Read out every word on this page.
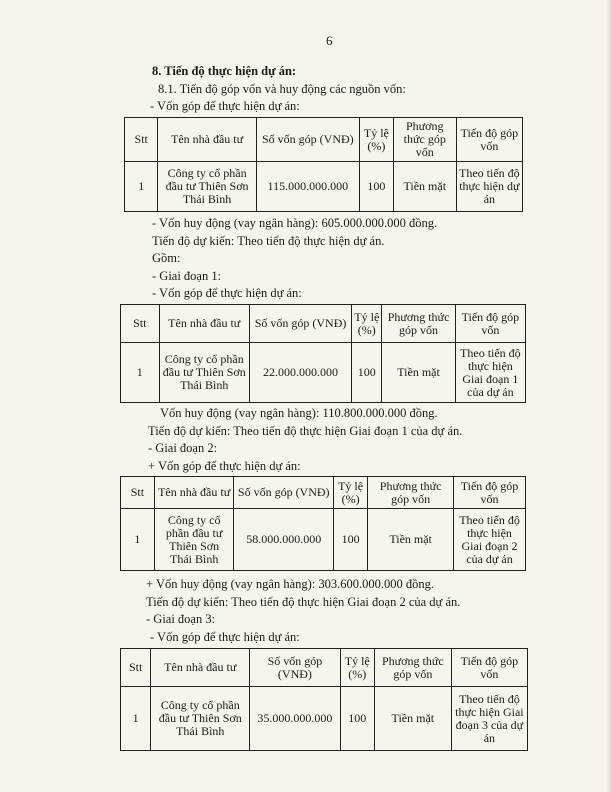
6
8. Tiến độ thực hiện dự án:
8.1. Tiến độ góp vốn và huy động các nguồn vốn:
- Vốn góp để thực hiện dự án:
Stt	Tên nhà đầu tư	Số vốn góp (VNĐ)	Tỷ lệ (%)	Phương thức góp vốn	Tiến độ góp vốn
1	Công ty cổ phần đầu tư Thiên Sơn Thái Bình	115.000.000.000	100	Tiền mặt	Theo tiến độ thực hiện dự án
- Vốn huy động (vay ngân hàng): 605.000.000.000 đồng.
Tiến độ dự kiến: Theo tiến độ thực hiện dự án.
Gồm:
- Giai đoạn 1:
- Vốn góp để thực hiện dự án:
Stt	Tên nhà đầu tư	Số vốn góp (VNĐ)	Tỷ lệ (%)	Phương thức góp vốn	Tiến độ góp vốn
1	Công ty cổ phần đầu tư Thiên Sơn Thái Bình	22.000.000.000	100	Tiền mặt	Theo tiến độ thực hiện Giai đoạn 1 của dự án
Vốn huy động (vay ngân hàng): 110.800.000.000 đồng.
Tiến độ dự kiến: Theo tiến độ thực hiện Giai đoạn 1 của dự án.
- Giai đoạn 2:
+ Vốn góp để thực hiện dự án:
Stt	Tên nhà đầu tư	Số vốn góp (VNĐ)	Tỷ lệ (%)	Phương thức góp vốn	Tiến độ góp vốn
1	Công ty cổ phần đầu tư Thiên Sơn Thái Bình	58.000.000.000	100	Tiền mặt	Theo tiến độ thực hiện Giai đoạn 2 của dự án
+ Vốn huy động (vay ngân hàng): 303.600.000.000 đồng.
Tiến độ dự kiến: Theo tiến độ thực hiện Giai đoạn 2 của dự án.
- Giai đoạn 3:
- Vốn góp để thực hiện dự án:
Stt	Tên nhà đầu tư	Số vốn góp (VNĐ)	Tỷ lệ (%)	Phương thức góp vốn	Tiến độ góp vốn
1	Công ty cổ phần đầu tư Thiên Sơn Thái Bình	35.000.000.000	100	Tiền mặt	Theo tiến độ thực hiện Giai đoạn 3 của dự án
